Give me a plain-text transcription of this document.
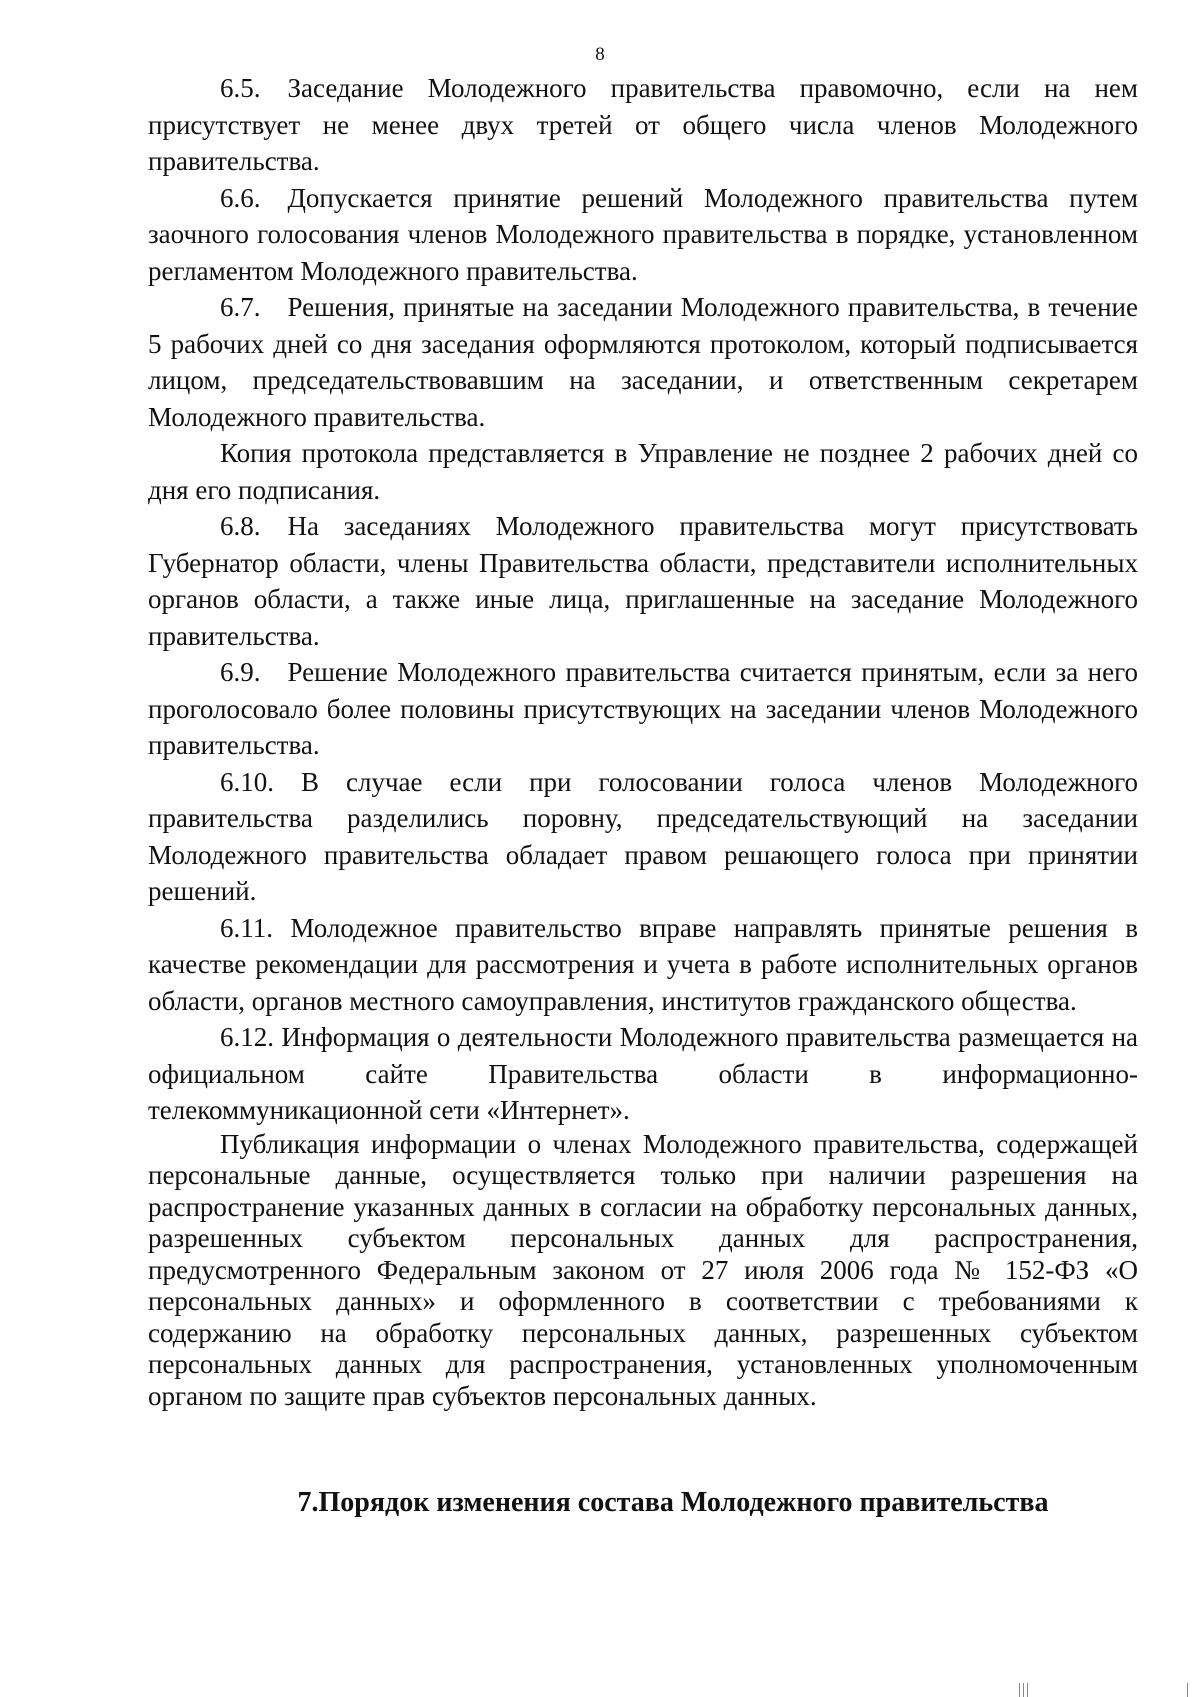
8

6.5. Заседание Молодежного правительства правомочно, если на нем присутствует не менее двух третей от общего числа членов Молодежного правительства.

6.6. Допускается принятие решений Молодежного правительства путем заочного голосования членов Молодежного правительства в порядке, установленном регламентом Молодежного правительства.

6.7. Решения, принятые на заседании Молодежного правительства, в течение 5 рабочих дней со дня заседания оформляются протоколом, который подписывается лицом, председательствовавшим на заседании, и ответственным секретарем Молодежного правительства.

Копия протокола представляется в Управление не позднее 2 рабочих дней со дня его подписания.

6.8. На заседаниях Молодежного правительства могут присутствовать Губернатор области, члены Правительства области, представители исполнительных органов области, а также иные лица, приглашенные на заседание Молодежного правительства.

6.9. Решение Молодежного правительства считается принятым, если за него проголосовало более половины присутствующих на заседании членов Молодежного правительства.

6.10. В случае если при голосовании голоса членов Молодежного правительства разделились поровну, председательствующий на заседании Молодежного правительства обладает правом решающего голоса при принятии решений.

6.11. Молодежное правительство вправе направлять принятые решения в качестве рекомендации для рассмотрения и учета в работе исполнительных органов области, органов местного самоуправления, институтов гражданского общества.

6.12. Информация о деятельности Молодежного правительства размещается на официальном сайте Правительства области в информационно-телекоммуникационной сети «Интернет».

Публикация информации о членах Молодежного правительства, содержащей персональные данные, осуществляется только при наличии разрешения на распространение указанных данных в согласии на обработку персональных данных, разрешенных субъектом персональных данных для распространения, предусмотренного Федеральным законом от 27 июля 2006 года № 152-ФЗ «О персональных данных» и оформленного в соответствии с требованиями к содержанию на обработку персональных данных, разрешенных субъектом персональных данных для распространения, установленных уполномоченным органом по защите прав субъектов персональных данных.

7.Порядок изменения состава Молодежного правительства
